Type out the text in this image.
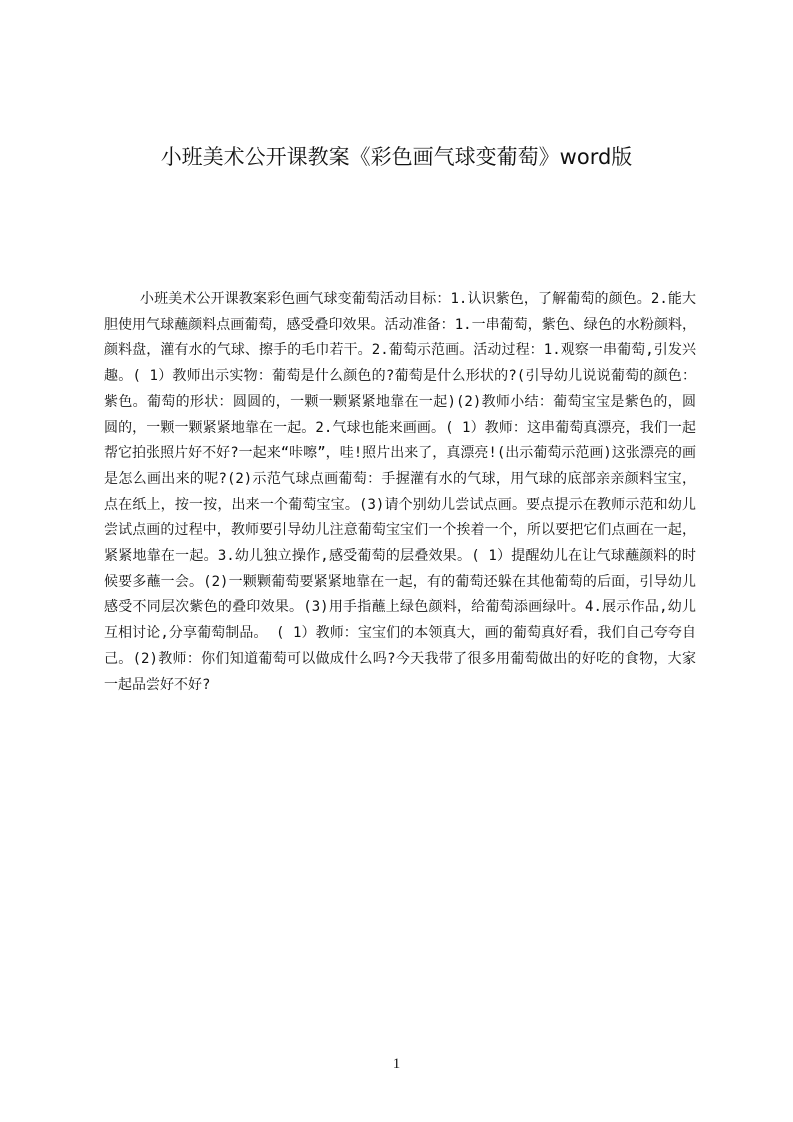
小班美术公开课教案《彩色画气球变葡萄》word版

小班美术公开课教案彩色画气球变葡萄活动目标：1.认识紫色，了解葡萄的颜色。2.能大胆使用气球蘸颜料点画葡萄，感受叠印效果。活动准备：1.一串葡萄，紫色、绿色的水粉颜料，颜料盘，灌有水的气球、擦手的毛巾若干。2.葡萄示范画。活动过程：1.观察一串葡萄,引发兴趣。( 1）教师出示实物：葡萄是什么颜色的?葡萄是什么形状的?(引导幼儿说说葡萄的颜色：紫色。葡萄的形状：圆圆的，一颗一颗紧紧地靠在一起)(2)教师小结：葡萄宝宝是紫色的，圆圆的，一颗一颗紧紧地靠在一起。2.气球也能来画画。( 1）教师：这串葡萄真漂亮，我们一起帮它拍张照片好不好?一起来“咔嚓”，哇!照片出来了，真漂亮!(出示葡萄示范画)这张漂亮的画是怎么画出来的呢?(2)示范气球点画葡萄：手握灌有水的气球，用气球的底部亲亲颜料宝宝，点在纸上，按一按，出来一个葡萄宝宝。(3)请个别幼儿尝试点画。要点提示在教师示范和幼儿尝试点画的过程中，教师要引导幼儿注意葡萄宝宝们一个挨着一个，所以要把它们点画在一起，紧紧地靠在一起。3.幼儿独立操作,感受葡萄的层叠效果。( 1）提醒幼儿在让气球蘸颜料的时候要多蘸一会。(2)一颗颗葡萄要紧紧地靠在一起，有的葡萄还躲在其他葡萄的后面，引导幼儿感受不同层次紫色的叠印效果。(3)用手指蘸上绿色颜料，给葡萄添画绿叶。4.展示作品,幼儿互相讨论,分享葡萄制品。 ( 1）教师：宝宝们的本领真大，画的葡萄真好看，我们自己夸夸自己。(2)教师：你们知道葡萄可以做成什么吗?今天我带了很多用葡萄做出的好吃的食物，大家一起品尝好不好?

1
